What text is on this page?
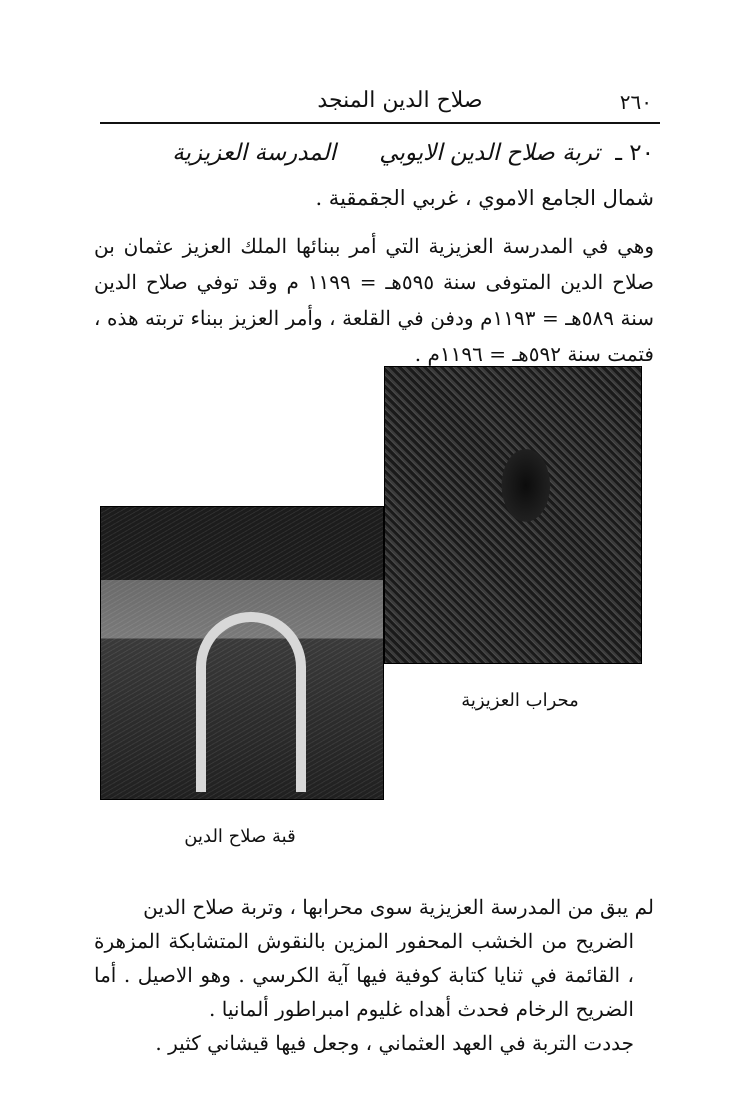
٢٦٠
صلاح الدين المنجد
٢٠ ـ تربة صلاح الدين الايوبي المدرسة العزيزية
شمال الجامع الاموي ، غربي الجقمقية .
وهي في المدرسة العزيزية التي أمر ببنائها الملك العزيز عثمان بن صلاح الدين المتوفى سنة ٥٩٥هـ = ١١٩٩ م وقد توفي صلاح الدين سنة ٥٨٩هـ = ١١٩٣م ودفن في القلعة ، وأمر العزيز ببناء تربته هذه ، فتمت سنة ٥٩٢هـ = ١١٩٦م .
محراب العزيزية
قبة صلاح الدين

لم يبق من المدرسة العزيزية سوى محرابها ، وتربة صلاح الدين

الضريح من الخشب المحفور المزين بالنقوش المتشابكة المزهرة ، القائمة في ثنايا كتابة كوفية فيها آية الكرسي . وهو الاصيل . أما الضريح الرخام فحدث أهداه غليوم امبراطور ألمانيا .

جددت التربة في العهد العثماني ، وجعل فيها قيشاني كثير .
